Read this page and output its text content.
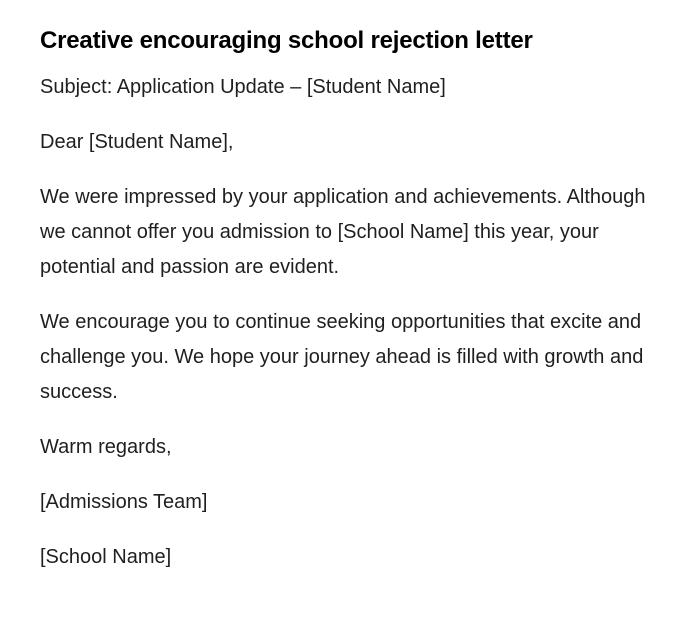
Creative encouraging school rejection letter

Subject: Application Update – [Student Name]

Dear [Student Name],

We were impressed by your application and achievements. Although we cannot offer you admission to [School Name] this year, your potential and passion are evident.

We encourage you to continue seeking opportunities that excite and challenge you. We hope your journey ahead is filled with growth and success.

Warm regards,

[Admissions Team]

[School Name]
